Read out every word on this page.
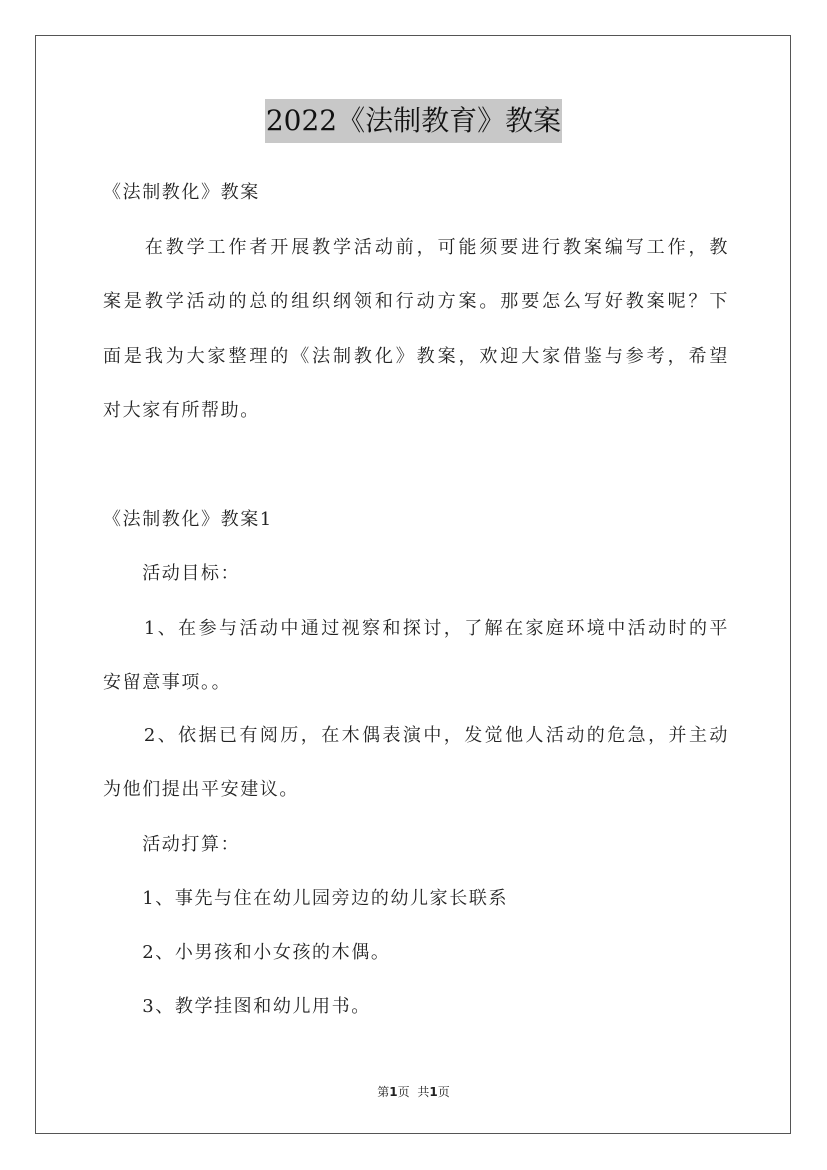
2022《法制教育》教案
《法制教化》教案
　　在教学工作者开展教学活动前，可能须要进行教案编写工作，教
案是教学活动的总的组织纲领和行动方案。那要怎么写好教案呢？下
面是我为大家整理的《法制教化》教案，欢迎大家借鉴与参考，希望
对大家有所帮助。
《法制教化》教案1
　　活动目标：
　　1、在参与活动中通过视察和探讨，了解在家庭环境中活动时的平
安留意事项。。
　　2、依据已有阅历，在木偶表演中，发觉他人活动的危急，并主动
为他们提出平安建议。
　　活动打算：
　　1、事先与住在幼儿园旁边的幼儿家长联系
　　2、小男孩和小女孩的木偶。
　　3、教学挂图和幼儿用书。
第1页 共1页
